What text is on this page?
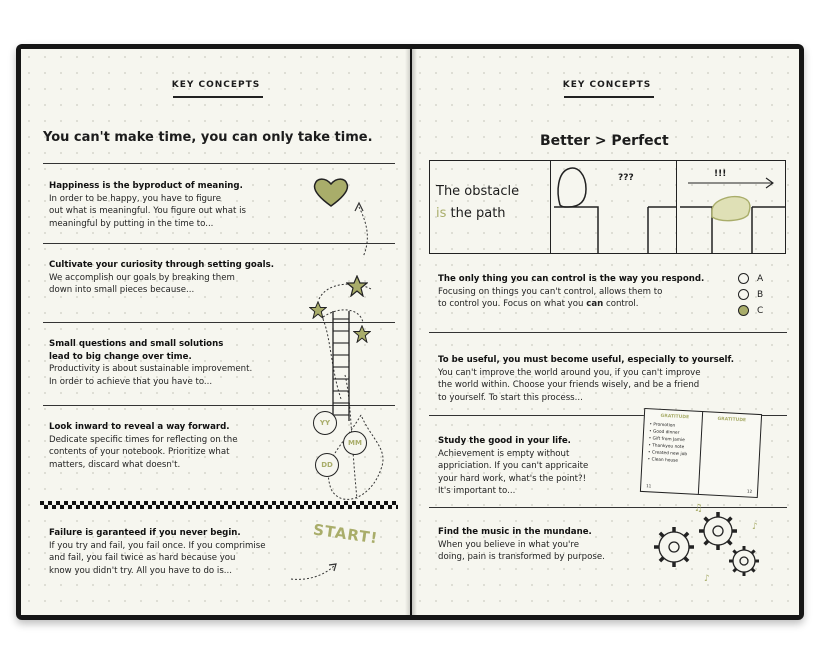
KEY CONCEPTS
You can't make time, you can only take time.
Happiness is the byproduct of meaning.
In order to be happy, you have to figure
out what is meaningful. You figure out what is
meaningful by putting in the time to...
Cultivate your curiosity through setting goals.
We accomplish our goals by breaking them
down into small pieces because...
Small questions and small solutions
lead to big change over time.
Productivity is about sustainable improvement.
In order to achieve that you have to...
Look inward to reveal a way forward.
Dedicate specific times for reflecting on the
contents of your notebook. Prioritize what
matters, discard what doesn't.
Failure is garanteed if you never begin.
If you try and fail, you fail once. If you comprimise
and fail, you fail twice as hard because you
know you didn't try. All you have to do is...
YY
MM
DD
START!
KEY CONCEPTS
Better > Perfect
The obstacle
is the path
???	!!!
The only thing you can control is the way you respond.
Focusing on things you can't control, allows them to
to control you. Focus on what you can control.
A
B
C
To be useful, you must become useful, especially to yourself.
You can't improve the world around you, if you can't improve
the world within. Choose your friends wisely, and be a friend
to yourself. To start this process...
Study the good in your life.
Achievement is empty without
appriciation. If you can't appricaite
your hard work, what's the point?!
It's important to...
GRATITUDE	GRATITUDE
• Promotion
• Good dinner
• Gift from Jamie
• Thankyou note
• Created new job
• Clean house
11
12
Find the music in the mundane.
When you believe in what you're
doing, pain is transformed by purpose.
♫
♪
♪
